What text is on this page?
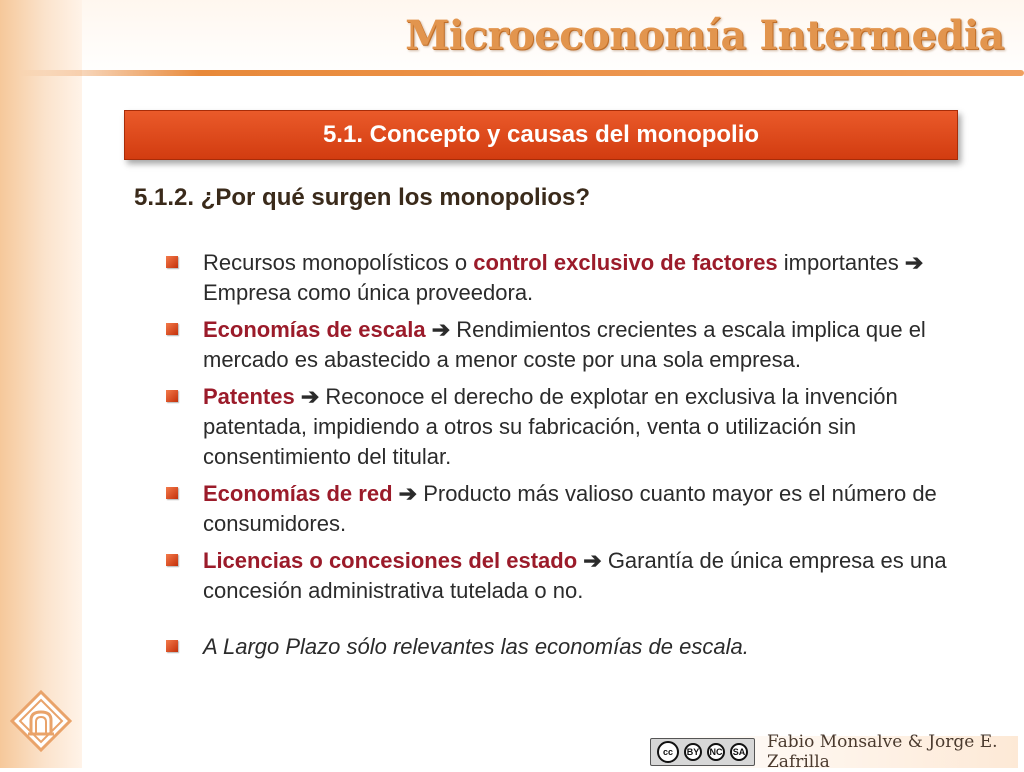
Microeconomía Intermedia
5.1. Concepto y causas del monopolio
5.1.2. ¿Por qué surgen los monopolios?
Recursos monopolísticos o control exclusivo de factores importantes ➔ Empresa como única proveedora.
Economías de escala ➔ Rendimientos crecientes a escala implica que el mercado es abastecido a menor coste por una sola empresa.
Patentes ➔ Reconoce el derecho de explotar en exclusiva la invención patentada, impidiendo a otros su fabricación, venta o utilización sin consentimiento del titular.
Economías de red ➔ Producto más valioso cuanto mayor es el número de consumidores.
Licencias o concesiones del estado ➔ Garantía de única empresa es una concesión administrativa tutelada o no.
A Largo Plazo sólo relevantes las economías de escala.
cc	BY	NC	SA Fabio Monsalve & Jorge E. Zafrilla
